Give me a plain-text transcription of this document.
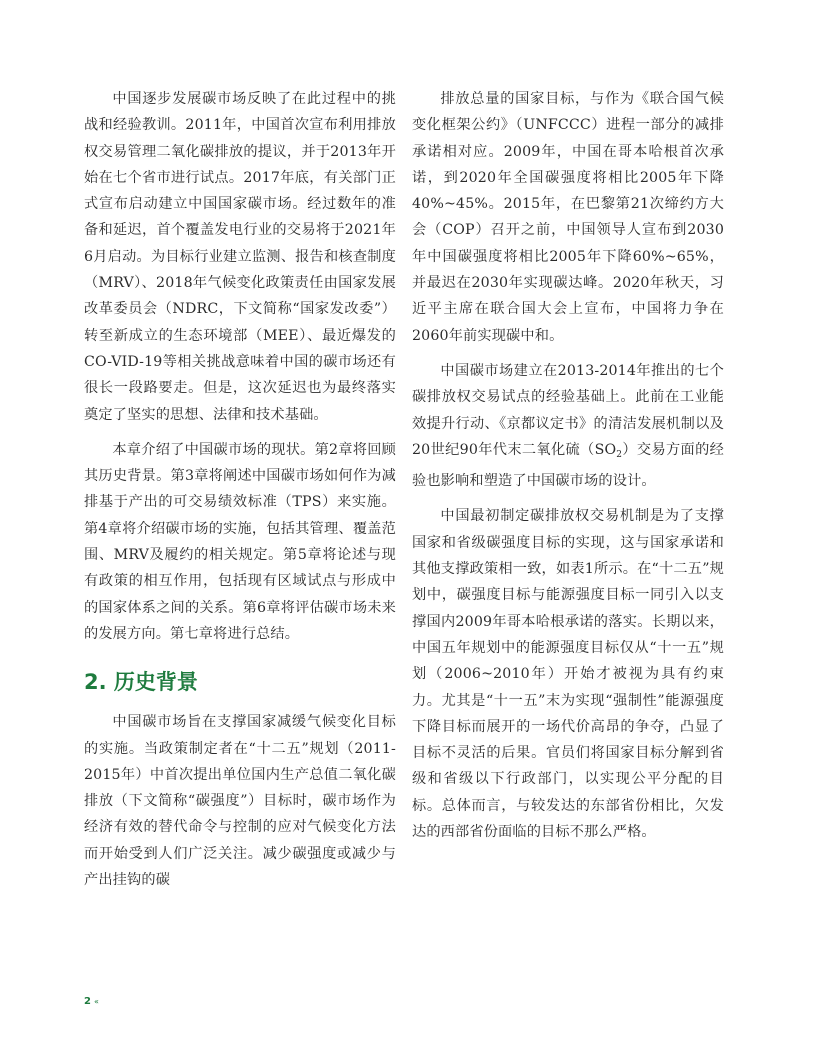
中国逐步发展碳市场反映了在此过程中的挑战和经验教训。2011年，中国首次宣布利用排放权交易管理二氧化碳排放的提议，并于2013年开始在七个省市进行试点。2017年底，有关部门正式宣布启动建立中国国家碳市场。经过数年的准备和延迟，首个覆盖发电行业的交易将于2021年6月启动。为目标行业建立监测、报告和核查制度（MRV）、2018年气候变化政策责任由国家发展改革委员会（NDRC，下文简称“国家发改委”）转至新成立的生态环境部（MEE）、最近爆发的CO-VID-19等相关挑战意味着中国的碳市场还有很长一段路要走。但是，这次延迟也为最终落实奠定了坚实的思想、法律和技术基础。

本章介绍了中国碳市场的现状。第2章将回顾其历史背景。第3章将阐述中国碳市场如何作为减排基于产出的可交易绩效标准（TPS）来实施。第4章将介绍碳市场的实施，包括其管理、覆盖范围、MRV及履约的相关规定。第5章将论述与现有政策的相互作用，包括现有区域试点与形成中的国家体系之间的关系。第6章将评估碳市场未来的发展方向。第七章将进行总结。

2. 历史背景

中国碳市场旨在支撑国家减缓气候变化目标的实施。当政策制定者在“十二五”规划（2011-2015年）中首次提出单位国内生产总值二氧化碳排放（下文简称“碳强度”）目标时，碳市场作为经济有效的替代命令与控制的应对气候变化方法而开始受到人们广泛关注。减少碳强度或减少与产出挂钩的碳

排放总量的国家目标，与作为《联合国气候变化框架公约》（UNFCCC）进程一部分的减排承诺相对应。2009年，中国在哥本哈根首次承诺，到2020年全国碳强度将相比2005年下降40%~45%。2015年，在巴黎第21次缔约方大会（COP）召开之前，中国领导人宣布到2030年中国碳强度将相比2005年下降60%~65%，并最迟在2030年实现碳达峰。2020年秋天，习近平主席在联合国大会上宣布，中国将力争在2060年前实现碳中和。

中国碳市场建立在2013-2014年推出的七个碳排放权交易试点的经验基础上。此前在工业能效提升行动、《京都议定书》的清洁发展机制以及20世纪90年代末二氧化硫$(SO_2)$交易方面的经验也影响和塑造了中国碳市场的设计。

中国最初制定碳排放权交易机制是为了支撑国家和省级碳强度目标的实现，这与国家承诺和其他支撑政策相一致，如表1所示。在“十二五”规划中，碳强度目标与能源强度目标一同引入以支撑国内2009年哥本哈根承诺的落实。长期以来，中国五年规划中的能源强度目标仅从“十一五”规划（2006~2010年）开始才被视为具有约束力。尤其是“十一五”末为实现“强制性”能源强度下降目标而展开的一场代价高昂的争夺，凸显了目标不灵活的后果。官员们将国家目标分解到省级和省级以下行政部门，以实现公平分配的目标。总体而言，与较发达的东部省份相比，欠发达的西部省份面临的目标不那么严格。

2 «
